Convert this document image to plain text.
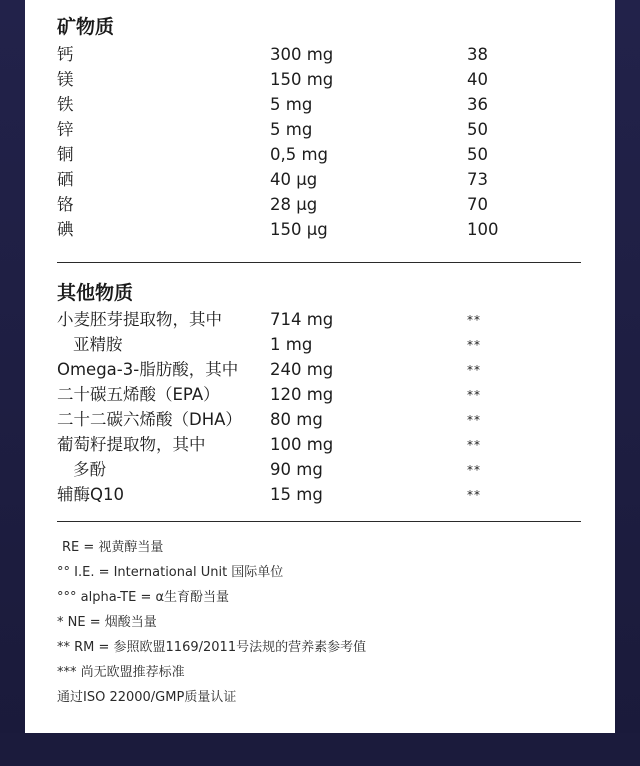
矿物质
钙	300 mg	38
镁	150 mg	40
铁	5 mg	36
锌	5 mg	50
铜	0,5 mg	50
硒	40 μg	73
铬	28 μg	70
碘	150 μg	100
其他物质
小麦胚芽提取物，其中	714 mg	**
亚精胺	1 mg	**
Omega-3-脂肪酸，其中 240 mg	**
二十碳五烯酸（EPA）	120 mg	**
二十二碳六烯酸（DHA） 80 mg	**
葡萄籽提取物，其中	100 mg	**
多酚	90 mg	**
辅酶Q10	15 mg	**
RE = 视黄醇当量
°° I.E. = International Unit 国际单位
°°° alpha-TE = α生育酚当量
* NE = 烟酸当量
** RM = 参照欧盟1169/2011号法规的营养素参考值
*** 尚无欧盟推荐标准
通过ISO 22000/GMP质量认证
